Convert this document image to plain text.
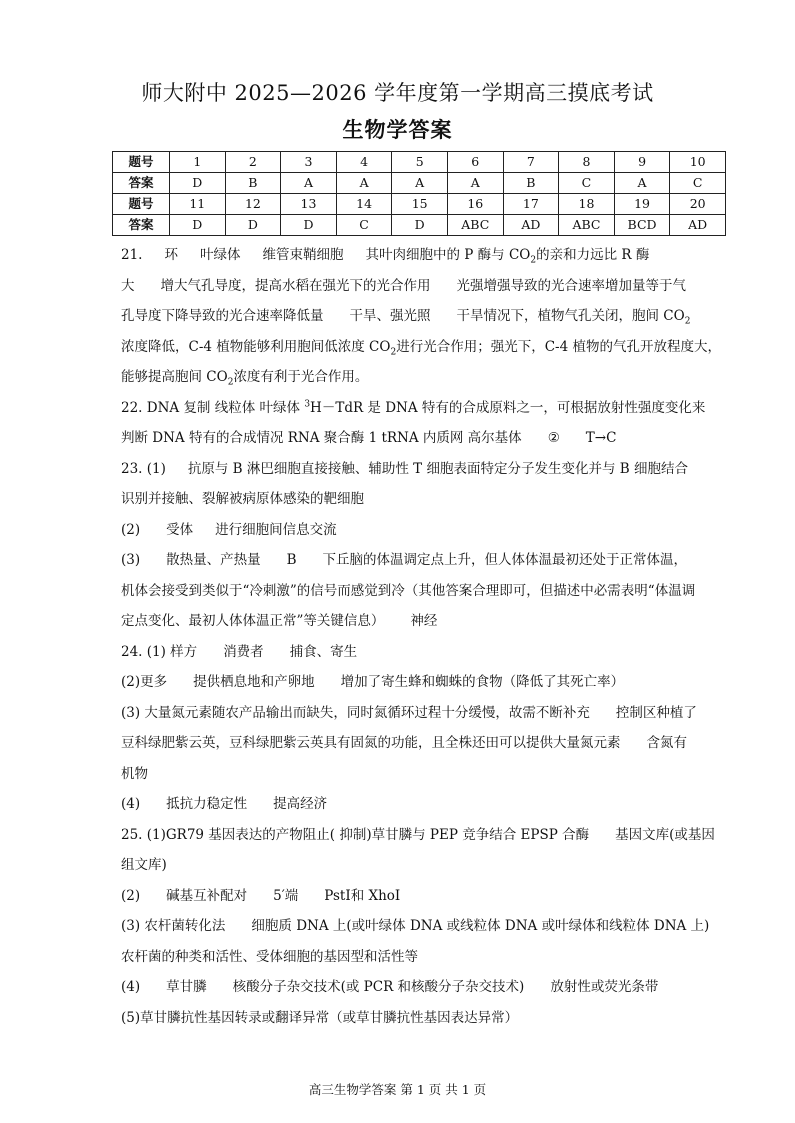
师大附中 2025—2026 学年度第一学期高三摸底考试
生物学答案
题号	1	2	3	4	5	6	7	8	9	10
答案	D	B	A	A	A	A	B	C	A	C
题号	11	12	13	14	15	16	17	18	19	20
答案	D	D	D	C	D	ABC	AD	ABC	BCD	AD

21. 环 叶绿体 维管束鞘细胞 其叶肉细胞中的 P 酶与 $CO_2$的亲和力远比 R 酶

大 增大气孔导度，提高水稻在强光下的光合作用 光强增强导致的光合速率增加量等于气

孔导度下降导致的光合速率降低量 干旱、强光照 干旱情况下，植物气孔关闭，胞间 $CO_2$

浓度降低，C-4 植物能够利用胞间低浓度 $CO_2$进行光合作用；强光下，C-4 植物的气孔开放程度大，

能够提高胞间 $CO_2$浓度有利于光合作用。

22. DNA 复制 线粒体 叶绿体 $^3$H－TdR 是 DNA 特有的合成原料之一，可根据放射性强度变化来

判断 DNA 特有的合成情况 RNA 聚合酶 1 tRNA 内质网 高尔基体 ② T→C

23. (1) 抗原与 B 淋巴细胞直接接触、辅助性 T 细胞表面特定分子发生变化并与 B 细胞结合

识别并接触、裂解被病原体感染的靶细胞

(2) 受体 进行细胞间信息交流

(3) 散热量、产热量 B 下丘脑的体温调定点上升，但人体体温最初还处于正常体温，

机体会接受到类似于“冷刺激”的信号而感觉到冷（其他答案合理即可，但描述中必需表明“体温调

定点变化、最初人体体温正常”等关键信息） 神经

24. (1) 样方 消费者 捕食、寄生

(2)更多 提供栖息地和产卵地 增加了寄生蜂和蜘蛛的食物（降低了其死亡率）

(3) 大量氮元素随农产品输出而缺失，同时氮循环过程十分缓慢，故需不断补充 控制区种植了

豆科绿肥紫云英，豆科绿肥紫云英具有固氮的功能，且全株还田可以提供大量氮元素 含氮有

机物

(4) 抵抗力稳定性 提高经济

25. (1)GR79 基因表达的产物阻止( 抑制)草甘膦与 PEP 竞争结合 EPSP 合酶 基因文库(或基因

组文库)

(2) 碱基互补配对 5′端 PstI和 XhoI

(3) 农杆菌转化法 细胞质 DNA 上(或叶绿体 DNA 或线粒体 DNA 或叶绿体和线粒体 DNA 上)

农杆菌的种类和活性、受体细胞的基因型和活性等

(4) 草甘膦 核酸分子杂交技术(或 PCR 和核酸分子杂交技术) 放射性或荧光条带

(5)草甘膦抗性基因转录或翻译异常（或草甘膦抗性基因表达异常）

高三生物学答案 第 1 页 共 1 页
